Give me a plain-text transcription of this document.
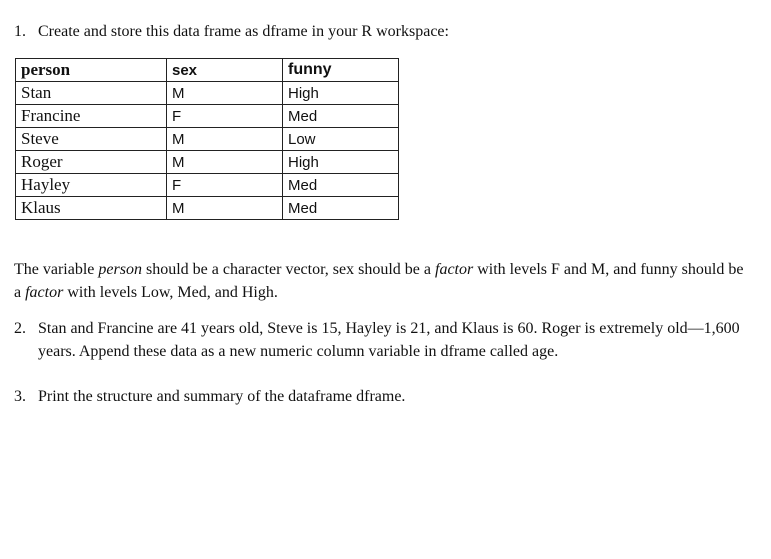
1. Create and store this data frame as dframe in your R workspace:
person	sex	funny
Stan	M	High
Francine	F	Med
Steve	M	Low
Roger	M	High
Hayley	F	Med
Klaus	M	Med
The variable person should be a character vector, sex should be a factor with levels F and M, and funny should be a factor with levels Low, Med, and High.
2. Stan and Francine are 41 years old, Steve is 15, Hayley is 21, and Klaus is 60. Roger is extremely old—1,600 years. Append these data as a new numeric column variable in dframe called age.
3. Print the structure and summary of the dataframe dframe.
